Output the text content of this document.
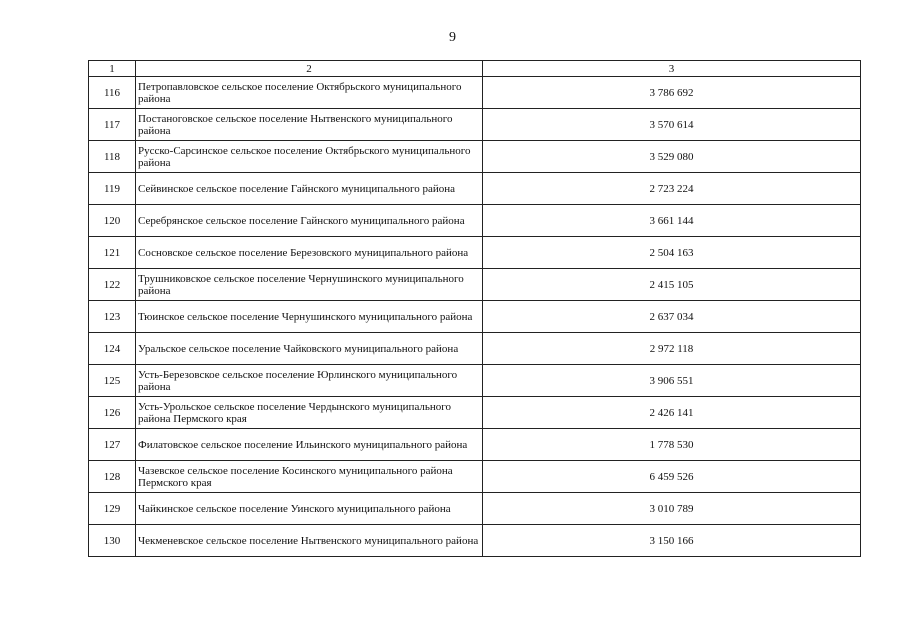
9
1	2	3
116	Петропавловское сельское поселение Октябрьского муниципального района	3 786 692
117	Постаноговское сельское поселение Нытвенского муниципального района	3 570 614
118	Русско-Сарсинское сельское поселение Октябрьского муниципального района	3 529 080
119	Сейвинское сельское поселение Гайнского муниципального района	2 723 224
120	Серебрянское сельское поселение Гайнского муниципального района	3 661 144
121	Сосновское сельское поселение Березовского муниципального района	2 504 163
122	Трушниковское сельское поселение Чернушинского муниципального района	2 415 105
123	Тюинское сельское поселение Чернушинского муниципального района	2 637 034
124	Уральское сельское поселение Чайковского муниципального района	2 972 118
125	Усть-Березовское сельское поселение Юрлинского муниципального района	3 906 551
126	Усть-Урольское сельское поселение Чердынского муниципального района Пермского края	2 426 141
127	Филатовское сельское поселение Ильинского муниципального района	1 778 530
128	Чазевское сельское поселение Косинского муниципального района Пермского края	6 459 526
129	Чайкинское сельское поселение Уинского муниципального района	3 010 789
130	Чекменевское сельское поселение Нытвенского муниципального района	3 150 166
